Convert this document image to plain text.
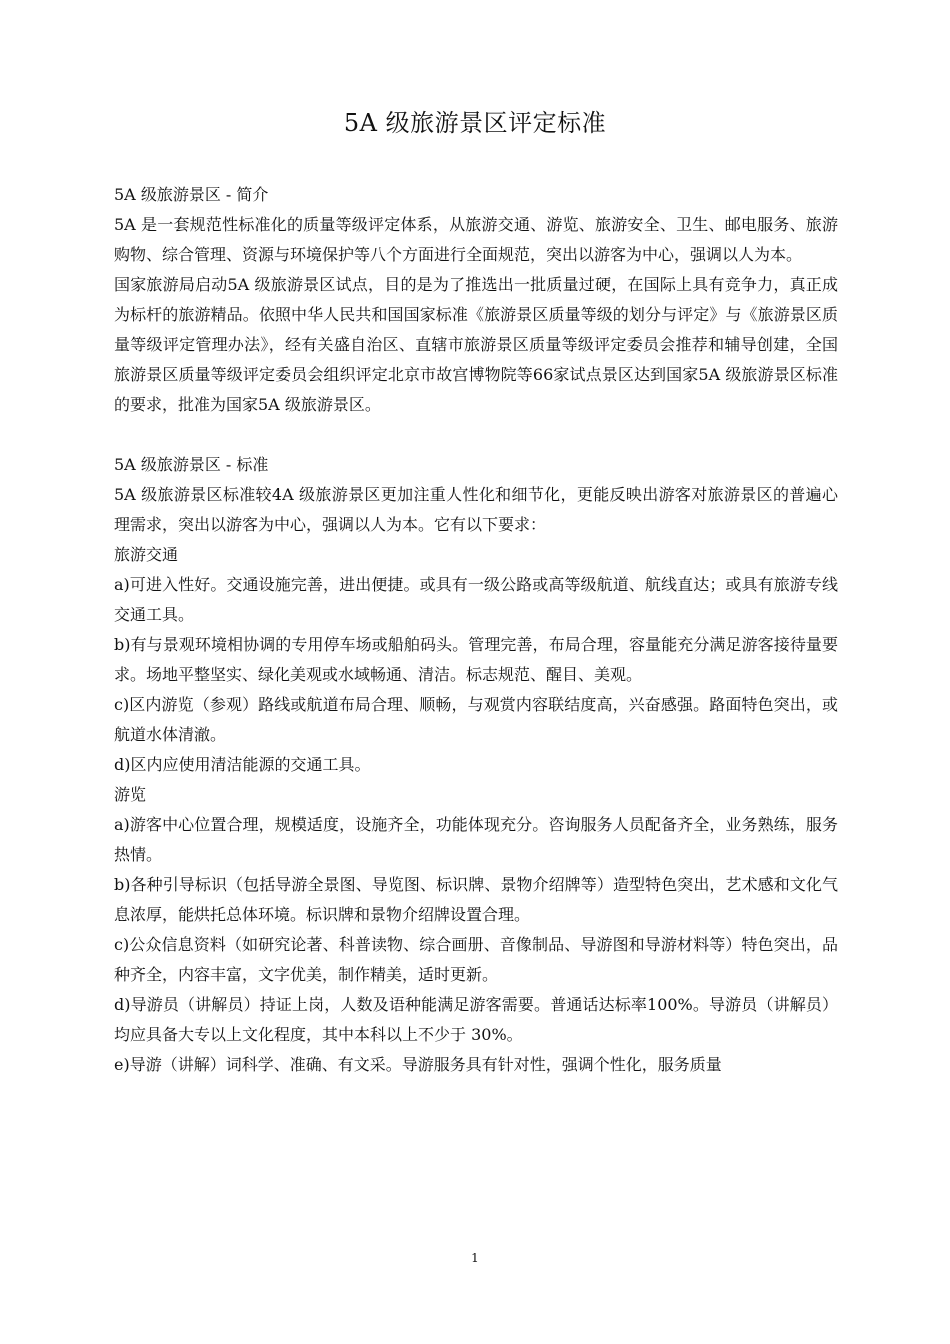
5A 级旅游景区评定标准

5A 级旅游景区 - 简介

5A 是一套规范性标准化的质量等级评定体系，从旅游交通、游览、旅游安全、卫生、邮电服务、旅游购物、综合管理、资源与环境保护等八个方面进行全面规范，突出以游客为中心，强调以人为本。

国家旅游局启动5A 级旅游景区试点，目的是为了推选出一批质量过硬，在国际上具有竞争力，真正成为标杆的旅游精品。依照中华人民共和国国家标准《旅游景区质量等级的划分与评定》与《旅游景区质量等级评定管理办法》，经有关盛自治区、直辖市旅游景区质量等级评定委员会推荐和辅导创建，全国旅游景区质量等级评定委员会组织评定北京市故宫博物院等66家试点景区达到国家5A 级旅游景区标准的要求，批准为国家5A 级旅游景区。

5A 级旅游景区 - 标准

5A 级旅游景区标准较4A 级旅游景区更加注重人性化和细节化，更能反映出游客对旅游景区的普遍心理需求，突出以游客为中心，强调以人为本。它有以下要求：

旅游交通

a)可进入性好。交通设施完善，进出便捷。或具有一级公路或高等级航道、航线直达；或具有旅游专线交通工具。

b)有与景观环境相协调的专用停车场或船舶码头。管理完善，布局合理，容量能充分满足游客接待量要求。场地平整坚实、绿化美观或水域畅通、清洁。标志规范、醒目、美观。

c)区内游览（参观）路线或航道布局合理、顺畅，与观赏内容联结度高，兴奋感强。路面特色突出，或航道水体清澈。

d)区内应使用清洁能源的交通工具。

游览

a)游客中心位置合理，规模适度，设施齐全，功能体现充分。咨询服务人员配备齐全，业务熟练，服务热情。

b)各种引导标识（包括导游全景图、导览图、标识牌、景物介绍牌等）造型特色突出，艺术感和文化气息浓厚，能烘托总体环境。标识牌和景物介绍牌设置合理。

c)公众信息资料（如研究论著、科普读物、综合画册、音像制品、导游图和导游材料等）特色突出，品种齐全，内容丰富，文字优美，制作精美，适时更新。

d)导游员（讲解员）持证上岗，人数及语种能满足游客需要。普通话达标率100%。导游员（讲解员）均应具备大专以上文化程度，其中本科以上不少于 30%。

e)导游（讲解）词科学、准确、有文采。导游服务具有针对性，强调个性化，服务质量

1
